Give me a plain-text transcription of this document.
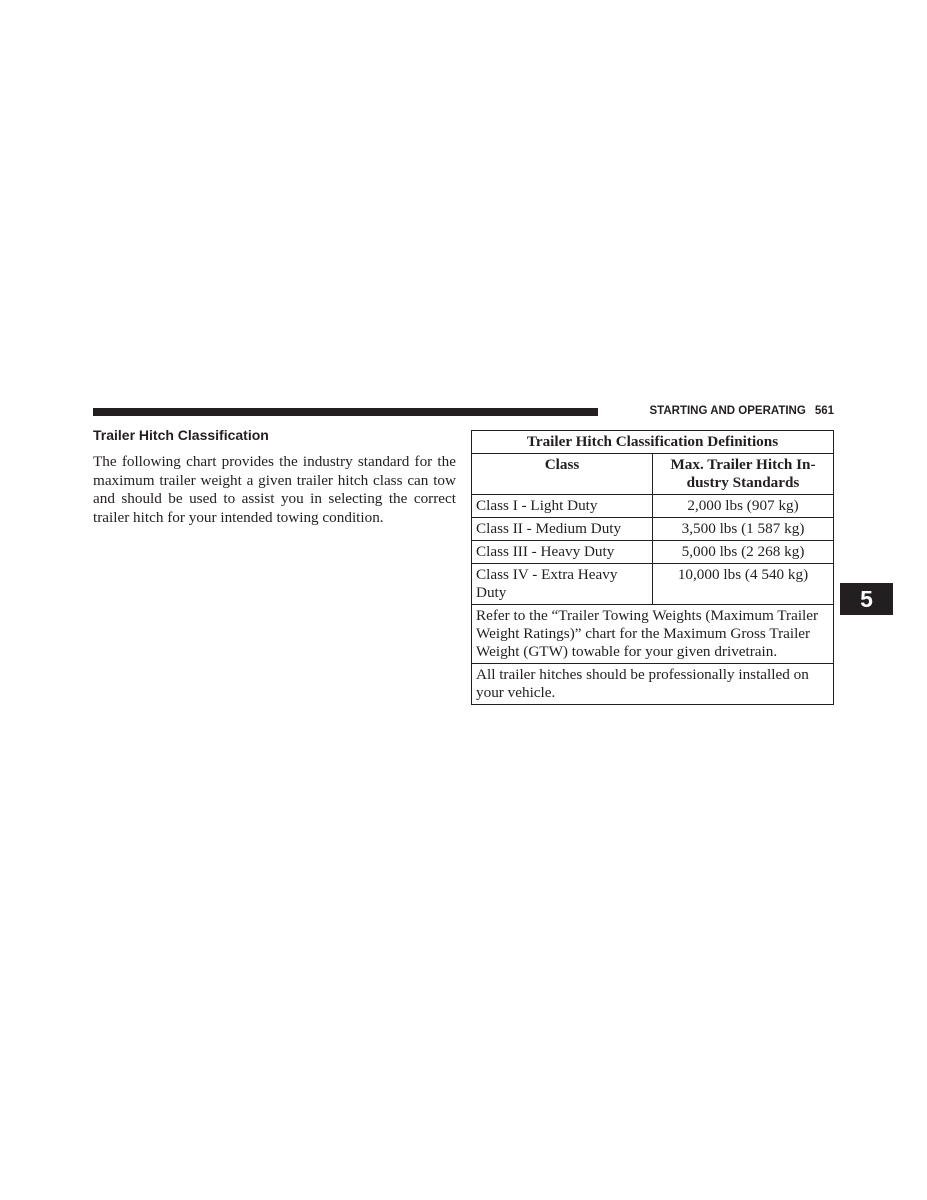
STARTING AND OPERATING 561
Trailer Hitch Classification

The following chart provides the industry standard for the maximum trailer weight a given trailer hitch class can tow and should be used to assist you in selecting the correct trailer hitch for your intended towing condition.

Trailer Hitch Classification Definitions	
Class	Max. Trailer Hitch In-dustry Standards
Class I - Light Duty	2,000 lbs (907 kg)
Class II - Medium Duty	3,500 lbs (1 587 kg)
Class III - Heavy Duty	5,000 lbs (2 268 kg)
Class IV - Extra Heavy Duty	10,000 lbs (4 540 kg)
Refer to the “Trailer Towing Weights (Maximum Trailer Weight Ratings)” chart for the Maximum Gross Trailer Weight (GTW) towable for your given drivetrain.	
All trailer hitches should be professionally installed on your vehicle.	
5
